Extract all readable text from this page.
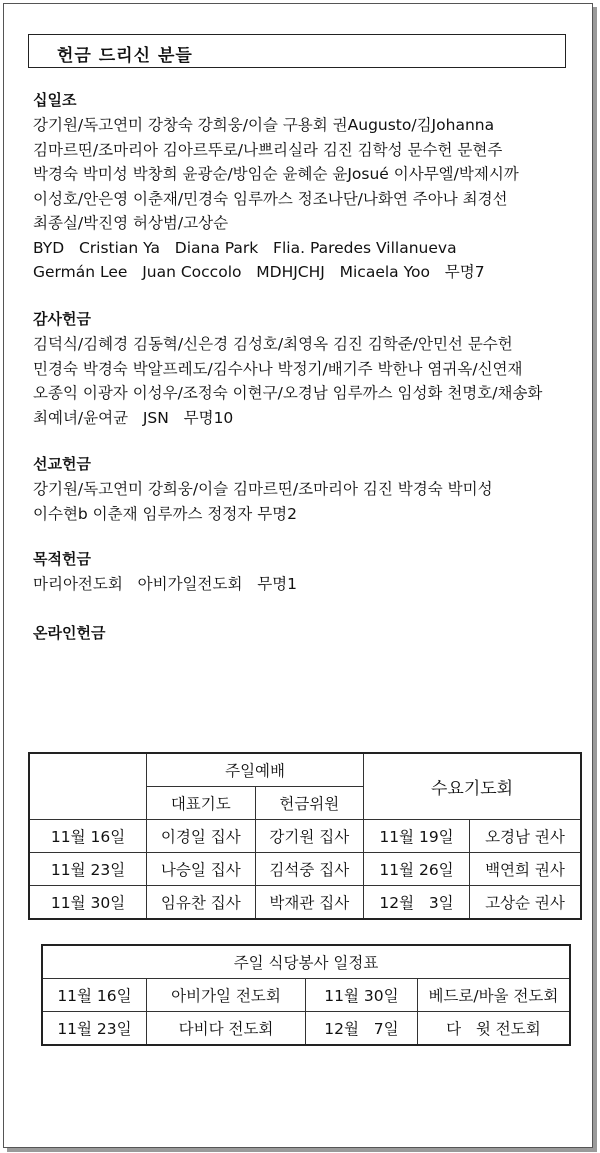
헌금 드리신 분들
십일조
강기원/독고연미 강창숙 강희웅/이슬 구용회 권Augusto/김Johanna
김마르띤/조마리아 김아르뚜로/나쁘리실라 김진 김학성 문수헌 문현주
박경숙 박미성 박창희 윤광순/방임순 윤혜순 윤Josué 이사무엘/박제시까
이성호/안은영 이춘재/민경숙 임루까스 정조나단/나화연 주아나 최경선
최종실/박진영 허상범/고상순
BYD   Cristian Ya   Diana Park   Flia. Paredes Villanueva
Germán Lee   Juan Coccolo   MDHJCHJ   Micaela Yoo   무명7
감사헌금
김덕식/김혜경 김동혁/신은경 김성호/최영옥 김진 김학준/안민선 문수헌
민경숙 박경숙 박알프레도/김수사나 박정기/배기주 박한나 염귀옥/신연재
오종익 이광자 이성우/조정숙 이현구/오경남 임루까스 임성화 천명호/채송화
최예녀/윤여균   JSN   무명10
선교헌금
강기원/독고연미 강희웅/이슬 김마르띤/조마리아 김진 박경숙 박미성
이수현b 이춘재 임루까스 정정자 무명2
목적헌금
마리아전도회   아비가일전도회   무명1
온라인헌금
	주일예배		수요기도회	
	대표기도	헌금위원		
11월 16일	이경일 집사	강기원 집사	11월 19일	오경남 권사
11월 23일	나승일 집사	김석중 집사	11월 26일	백연희 권사
11월 30일	임유찬 집사	박재관 집사	12월   3일	고상순 권사
주일 식당봉사 일정표			
11월 16일	아비가일 전도회	11월 30일	베드로/바울 전도회
11월 23일	다비다 전도회	12월   7일	다   윗 전도회
